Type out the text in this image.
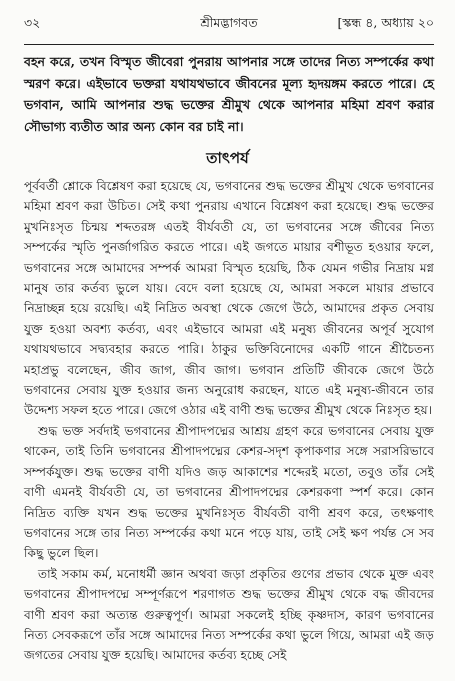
৩২	শ্রীমদ্ভাগবত	[স্কন্ধ ৪, অধ্যায় ২০
বহন করে, তখন বিস্মৃত জীবেরা পুনরায় আপনার সঙ্গে তাদের নিত্য সম্পর্কের কথা স্মরণ করে। এইভাবে ভক্তরা যথাযথভাবে জীবনের মূল্য হৃদয়ঙ্গম করতে পারে। হে ভগবান, আমি আপনার শুদ্ধ ভক্তের শ্রীমুখ থেকে আপনার মহিমা শ্রবণ করার সৌভাগ্য ব্যতীত আর অন্য কোন বর চাই না।
তাৎপর্য

পূর্ববর্তী শ্লোকে বিশ্লেষণ করা হয়েছে যে, ভগবানের শুদ্ধ ভক্তের শ্রীমুখ থেকে ভগবানের মহিমা শ্রবণ করা উচিত। সেই কথা পুনরায় এখানে বিশ্লেষণ করা হয়েছে। শুদ্ধ ভক্তের মুখনিঃসৃত চিন্ময় শব্দতরঙ্গ এতই বীর্যবতী যে, তা ভগবানের সঙ্গে জীবের নিত্য সম্পর্কের স্মৃতি পুনর্জাগরিত করতে পারে। এই জগতে মায়ার বশীভূত হওয়ার ফলে, ভগবানের সঙ্গে আমাদের সম্পর্ক আমরা বিস্মৃত হয়েছি, ঠিক যেমন গভীর নিদ্রায় মগ্ন মানুষ তার কর্তব্য ভুলে যায়। বেদে বলা হয়েছে যে, আমরা সকলে মায়ার প্রভাবে নিদ্রাচ্ছন্ন হয়ে রয়েছি। এই নিদ্রিত অবস্থা থেকে জেগে উঠে, আমাদের প্রকৃত সেবায় যুক্ত হওয়া অবশ্য কর্তব্য, এবং এইভাবে আমরা এই মনুষ্য জীবনের অপূর্ব সুযোগ যথাযথভাবে সদ্ব্যবহার করতে পারি। ঠাকুর ভক্তিবিনোদের একটি গানে শ্রীচৈতন্য মহাপ্রভু বলেছেন, জীব জাগ, জীব জাগ। ভগবান প্রতিটি জীবকে জেগে উঠে ভগবানের সেবায় যুক্ত হওয়ার জন্য অনুরোধ করছেন, যাতে এই মনুষ্য-জীবনে তার উদ্দেশ্য সফল হতে পারে। জেগে ওঠার এই বাণী শুদ্ধ ভক্তের শ্রীমুখ থেকে নিঃসৃত হয়।

শুদ্ধ ভক্ত সর্বদাই ভগবানের শ্রীপাদপদ্মের আশ্রয় গ্রহণ করে ভগবানের সেবায় যুক্ত থাকেন, তাই তিনি ভগবানের শ্রীপাদপদ্মের কেশর-সদৃশ কৃপাকণার সঙ্গে সরাসরিভাবে সম্পর্কযুক্ত। শুদ্ধ ভক্তের বাণী যদিও জড় আকাশের শব্দেরই মতো, তবুও তাঁর সেই বাণী এমনই বীর্যবতী যে, তা ভগবানের শ্রীপাদপদ্মের কেশরকণা স্পর্শ করে। কোন নিদ্রিত ব্যক্তি যখন শুদ্ধ ভক্তের মুখনিঃসৃত বীর্যবতী বাণী শ্রবণ করে, তৎক্ষণাৎ ভগবানের সঙ্গে তার নিত্য সম্পর্কের কথা মনে পড়ে যায়, তাই সেই ক্ষণ পর্যন্ত সে সব কিছু ভুলে ছিল।

তাই সকাম কর্ম, মনোধর্মী জ্ঞান অথবা জড়া প্রকৃতির গুণের প্রভাব থেকে মুক্ত এবং ভগবানের শ্রীপাদপদ্মে সম্পূর্ণরূপে শরণাগত শুদ্ধ ভক্তের শ্রীমুখ থেকে বদ্ধ জীবদের বাণী শ্রবণ করা অত্যন্ত গুরুত্বপূর্ণ। আমরা সকলেই হচ্ছি কৃষ্ণদাস, কারণ ভগবানের নিত্য সেবকরূপে তাঁর সঙ্গে আমাদের নিত্য সম্পর্কের কথা ভুলে গিয়ে, আমরা এই জড় জগতের সেবায় যুক্ত হয়েছি। আমাদের কর্তব্য হচ্ছে সেই
